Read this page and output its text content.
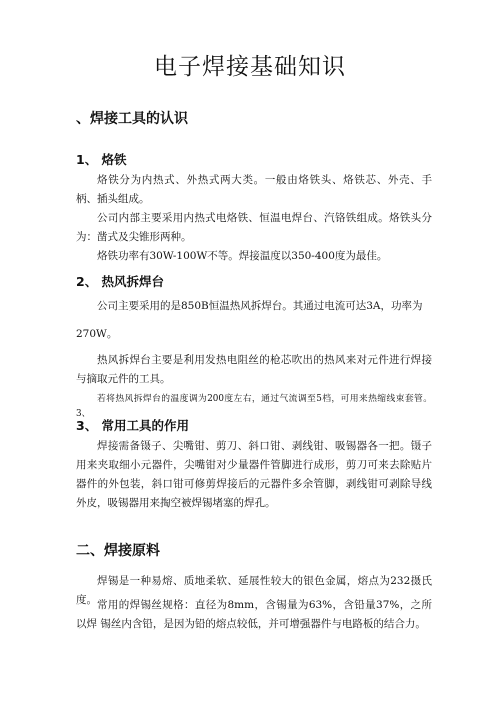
电子焊接基础知识
、焊接工具的认识
1、 烙铁
烙铁分为内热式、外热式两大类。一般由烙铁头、烙铁芯、外壳、手柄、插头组成。
公司内部主要采用内热式电烙铁、恒温电焊台、汽铬铁组成。烙铁头分为：凿式及尖锥形两种。
烙铁功率有30W-100W不等。焊接温度以350-400度为最佳。
2、 热风拆焊台
公司主要采用的是850B恒温热风拆焊台。其通过电流可达3A，功率为
270W。
热风拆焊台主要是利用发热电阻丝的枪芯吹出的热风来对元件进行焊接与摘取元件的工具。
若将热风拆焊台的温度调为200度左右，通过气流调至5档，可用来热缩线束套管。3、
3、 常用工具的作用
焊接需备镊子、尖嘴钳、剪刀、斜口钳、剥线钳、吸锡器各一把。镊子用来夹取细小元器件，尖嘴钳对少量器件管脚进行成形，剪刀可来去除贴片器件的外包装，斜口钳可修剪焊接后的元器件多余管脚，剥线钳可剥除导线外皮，吸锡器用来掏空被焊锡堵塞的焊孔。
二、焊接原料
焊锡是一种易熔、质地柔软、延展性较大的银色金属，熔点为232摄氏度。 常用的焊锡丝规格：直径为8mm，含锡量为63%，含铅量37%，之所以焊 锡丝内含铅，是因为铅的熔点较低，并可增强器件与电路板的结合力。
